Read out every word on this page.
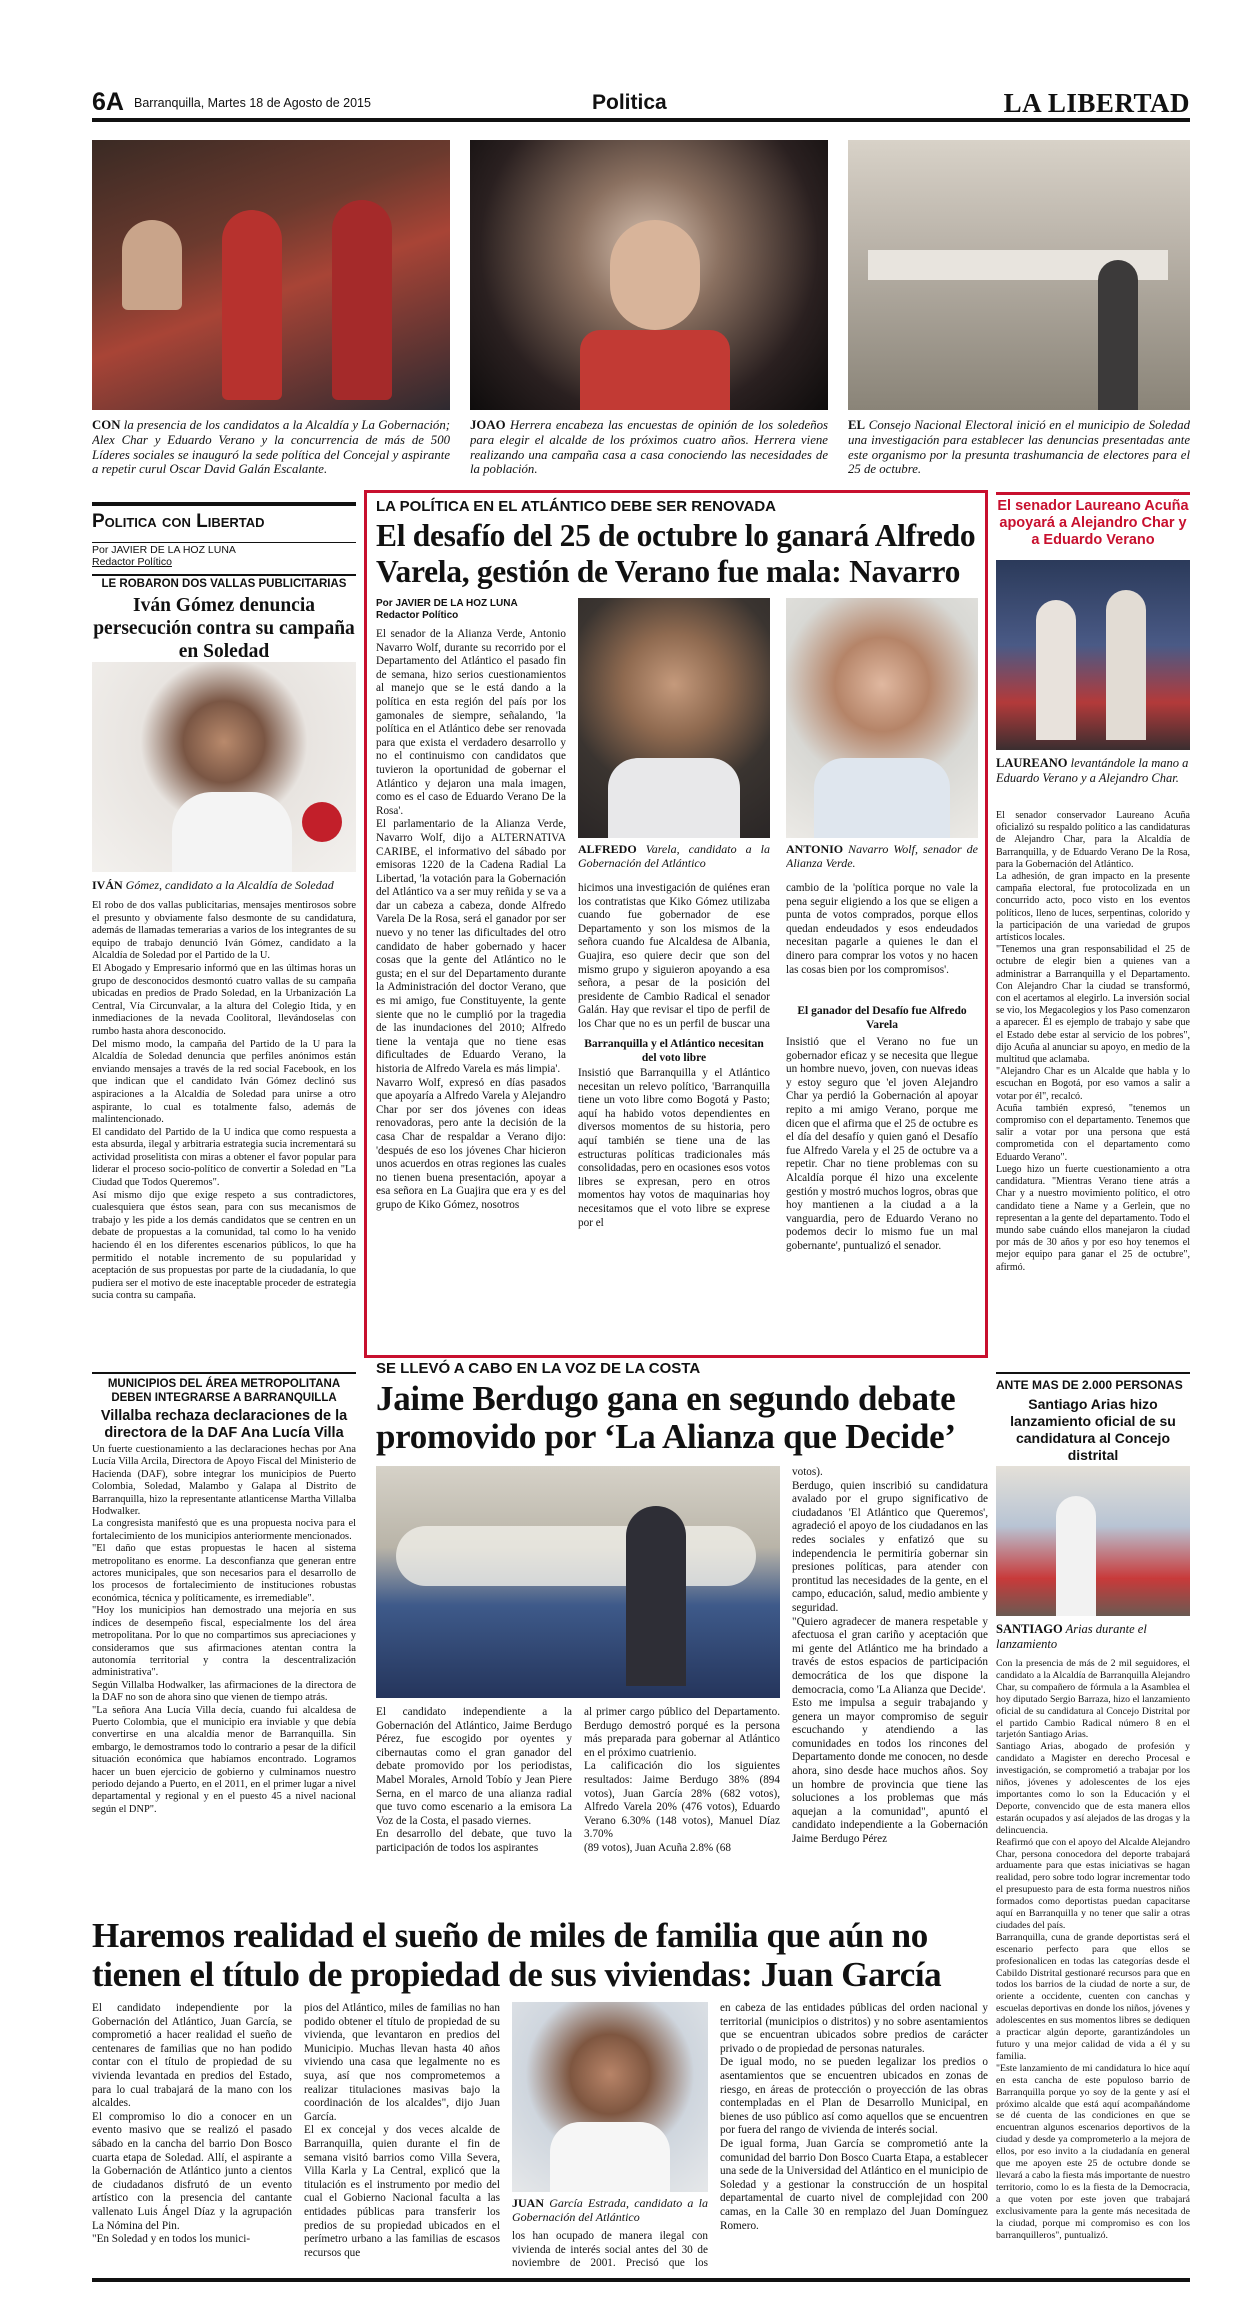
6A Barranquilla, Martes 18 de Agosto de 2015	Politica	LA LIBERTAD
CON la presencia de los candidatos a la Alcaldía y La Gobernación; Alex Char y Eduardo Verano y la concurrencia de más de 500 Líderes sociales se inauguró la sede política del Concejal y aspirante a repetir curul Oscar David Galán Escalante.
JOAO Herrera encabeza las encuestas de opinión de los soledeños para elegir el alcalde de los próximos cuatro años. Herrera viene realizando una campaña casa a casa conociendo las necesidades de la población.
EL Consejo Nacional Electoral inició en el municipio de Soledad una investigación para establecer las denuncias presentadas ante este organismo por la presunta trashumancia de electores para el 25 de octubre.
Politica con Libertad
Por JAVIER DE LA HOZ LUNA
Redactor Político
LE ROBARON DOS VALLAS PUBLICITARIAS
Iván Gómez denuncia persecución contra su campaña en Soledad
IVÁN Gómez, candidato a la Alcaldía de Soledad
El robo de dos vallas publicitarias, mensajes mentirosos sobre el presunto y obviamente falso desmonte de su candidatura, además de llamadas temerarias a varios de los integrantes de su equipo de trabajo denunció Iván Gómez, candidato a la Alcaldía de Soledad por el Partido de la U.
El Abogado y Empresario informó que en las últimas horas un grupo de desconocidos desmontó cuatro vallas de su campaña ubicadas en predios de Prado Soledad, en la Urbanización La Central, Vía Circunvalar, a la altura del Colegio Itida, y en inmediaciones de la nevada Coolitoral, llevándoselas con rumbo hasta ahora desconocido.
Del mismo modo, la campaña del Partido de la U para la Alcaldía de Soledad denuncia que perfiles anónimos están enviando mensajes a través de la red social Facebook, en los que indican que el candidato Iván Gómez declinó sus aspiraciones a la Alcaldía de Soledad para unirse a otro aspirante, lo cual es totalmente falso, además de malintencionado.
El candidato del Partido de la U indica que como respuesta a esta absurda, ilegal y arbitraria estrategia sucia incrementará su actividad proselitista con miras a obtener el favor popular para liderar el proceso socio-político de convertir a Soledad en "La Ciudad que Todos Queremos".
Así mismo dijo que exige respeto a sus contradictores, cualesquiera que éstos sean, para con sus mecanismos de trabajo y les pide a los demás candidatos que se centren en un debate de propuestas a la comunidad, tal como lo ha venido haciendo él en los diferentes escenarios públicos, lo que ha permitido el notable incremento de su popularidad y aceptación de sus propuestas por parte de la ciudadanía, lo que pudiera ser el motivo de este inaceptable proceder de estrategia sucia contra su campaña.
LA POLÍTICA EN EL ATLÁNTICO DEBE SER RENOVADA
El desafío del 25 de octubre lo ganará Alfredo Varela, gestión de Verano fue mala: Navarro
Por JAVIER DE LA HOZ LUNA
Redactor Político
El senador de la Alianza Verde, Antonio Navarro Wolf, durante su recorrido por el Departamento del Atlántico el pasado fin de semana, hizo serios cuestionamientos al manejo que se le está dando a la política en esta región del país por los gamonales de siempre, señalando, 'la política en el Atlántico debe ser renovada para que exista el verdadero desarrollo y no el continuismo con candidatos que tuvieron la oportunidad de gobernar el Atlántico y dejaron una mala imagen, como es el caso de Eduardo Verano De la Rosa'.
El parlamentario de la Alianza Verde, Navarro Wolf, dijo a ALTERNATIVA CARIBE, el informativo del sábado por emisoras 1220 de la Cadena Radial La Libertad, 'la votación para la Gobernación del Atlántico va a ser muy reñida y se va a dar un cabeza a cabeza, donde Alfredo Varela De la Rosa, será el ganador por ser nuevo y no tener las dificultades del otro candidato de haber gobernado y hacer cosas que la gente del Atlántico no le gusta; en el sur del Departamento durante la Administración del doctor Verano, que es mi amigo, fue Constituyente, la gente siente que no le cumplió por la tragedia de las inundaciones del 2010; Alfredo tiene la ventaja que no tiene esas dificultades de Eduardo Verano, la historia de Alfredo Varela es más limpia'.
Navarro Wolf, expresó en días pasados que apoyaría a Alfredo Varela y Alejandro Char por ser dos jóvenes con ideas renovadoras, pero ante la decisión de la casa Char de respaldar a Verano dijo: 'después de eso los jóvenes Char hicieron unos acuerdos en otras regiones las cuales no tienen buena presentación, apoyar a esa señora en La Guajira que era y es del grupo de Kiko Gómez, nosotros
ALFREDO Varela, candidato a la Gobernación del Atlántico
ANTONIO Navarro Wolf, senador de Alianza Verde.
hicimos una investigación de quiénes eran los contratistas que Kiko Gómez utilizaba cuando fue gobernador de ese Departamento y son los mismos de la señora cuando fue Alcaldesa de Albania, Guajira, eso quiere decir que son del mismo grupo y siguieron apoyando a esa señora, a pesar de la posición del presidente de Cambio Radical el senador Galán. Hay que revisar el tipo de perfil de los Char que no es un perfil de buscar una
Barranquilla y el Atlántico necesitan del voto libre
Insistió que Barranquilla y el Atlántico necesitan un relevo político, 'Barranquilla tiene un voto libre como Bogotá y Pasto; aquí ha habido votos dependientes en diversos momentos de su historia, pero aquí también se tiene una de las estructuras políticas tradicionales más consolidadas, pero en ocasiones esos votos libres se expresan, pero en otros momentos hay votos de maquinarias hoy necesitamos que el voto libre se exprese por el
cambio de la 'política porque no vale la pena seguir eligiendo a los que se eligen a punta de votos comprados, porque ellos quedan endeudados y esos endeudados necesitan pagarle a quienes le dan el dinero para comprar los votos y no hacen las cosas bien por los compromisos'.
El ganador del Desafío fue Alfredo Varela
Insistió que el Verano no fue un gobernador eficaz y se necesita que llegue un hombre nuevo, joven, con nuevas ideas y estoy seguro que 'el joven Alejandro Char ya perdió la Gobernación al apoyar repito a mi amigo Verano, porque me dicen que el afirma que el 25 de octubre es el día del desafío y quien ganó el Desafío fue Alfredo Varela y el 25 de octubre va a repetir. Char no tiene problemas con su Alcaldía porque él hizo una excelente gestión y mostró muchos logros, obras que hoy mantienen a la ciudad a a la vanguardia, pero de Eduardo Verano no podemos decir lo mismo fue un mal gobernante', puntualizó el senador.
El senador Laureano Acuña apoyará a Alejandro Char y a Eduardo Verano
LAUREANO levantándole la mano a Eduardo Verano y a Alejandro Char.
El senador conservador Laureano Acuña oficializó su respaldo político a las candidaturas de Alejandro Char, para la Alcaldía de Barranquilla, y de Eduardo Verano De la Rosa, para la Gobernación del Atlántico.
La adhesión, de gran impacto en la presente campaña electoral, fue protocolizada en un concurrido acto, poco visto en los eventos políticos, lleno de luces, serpentinas, colorido y la participación de una variedad de grupos artísticos locales.
"Tenemos una gran responsabilidad el 25 de octubre de elegir bien a quienes van a administrar a Barranquilla y el Departamento. Con Alejandro Char la ciudad se transformó, con el acertamos al elegirlo. La inversión social se vio, los Megacolegios y los Paso comenzaron a aparecer. Él es ejemplo de trabajo y sabe que el Estado debe estar al servicio de los pobres", dijo Acuña al anunciar su apoyo, en medio de la multitud que aclamaba.
"Alejandro Char es un Alcalde que habla y lo escuchan en Bogotá, por eso vamos a salir a votar por él", recalcó.
Acuña también expresó, "tenemos un compromiso con el departamento. Tenemos que salir a votar por una persona que está comprometida con el departamento como Eduardo Verano".
Luego hizo un fuerte cuestionamiento a otra candidatura. "Mientras Verano tiene atrás a Char y a nuestro movimiento político, el otro candidato tiene a Name y a Gerlein, que no representan a la gente del departamento. Todo el mundo sabe cuándo ellos manejaron la ciudad por más de 30 años y por eso hoy tenemos el mejor equipo para ganar el 25 de octubre", afirmó.
MUNICIPIOS DEL ÁREA METROPOLITANA DEBEN INTEGRARSE A BARRANQUILLA
Villalba rechaza declaraciones de la directora de la DAF Ana Lucía Villa
Un fuerte cuestionamiento a las declaraciones hechas por Ana Lucía Villa Arcila, Directora de Apoyo Fiscal del Ministerio de Hacienda (DAF), sobre integrar los municipios de Puerto Colombia, Soledad, Malambo y Galapa al Distrito de Barranquilla, hizo la representante atlanticense Martha Villalba Hodwalker.
La congresista manifestó que es una propuesta nociva para el fortalecimiento de los municipios anteriormente mencionados.
"El daño que estas propuestas le hacen al sistema metropolitano es enorme. La desconfianza que generan entre actores municipales, que son necesarios para el desarrollo de los procesos de fortalecimiento de instituciones robustas económica, técnica y políticamente, es irremediable".
"Hoy los municipios han demostrado una mejoría en sus índices de desempeño fiscal, especialmente los del área metropolitana. Por lo que no compartimos sus apreciaciones y consideramos que sus afirmaciones atentan contra la autonomía territorial y contra la descentralización administrativa".
Según Villalba Hodwalker, las afirmaciones de la directora de la DAF no son de ahora sino que vienen de tiempo atrás.
"La señora Ana Lucía Villa decía, cuando fui alcaldesa de Puerto Colombia, que el municipio era inviable y que debía convertirse en una alcaldía menor de Barranquilla. Sin embargo, le demostramos todo lo contrario a pesar de la difícil situación económica que habíamos encontrado. Logramos hacer un buen ejercicio de gobierno y culminamos nuestro periodo dejando a Puerto, en el 2011, en el primer lugar a nivel departamental y regional y en el puesto 45 a nivel nacional según el DNP".
SE LLEVÓ A CABO EN LA VOZ DE LA COSTA
Jaime Berdugo gana en segundo debate promovido por ‘La Alianza que Decide’
El candidato independiente a la Gobernación del Atlántico, Jaime Berdugo Pérez, fue escogido por oyentes y cibernautas como el gran ganador del debate promovido por los periodistas, Mabel Morales, Arnold Tobío y Jean Piere Serna, en el marco de una alianza radial que tuvo como escenario a la emisora La Voz de la Costa, el pasado viernes.
En desarrollo del debate, que tuvo la participación de todos los aspirantes
al primer cargo público del Departamento. Berdugo demostró porqué es la persona más preparada para gobernar al Atlántico en el próximo cuatrienio.
La calificación dio los siguientes resultados: Jaime Berdugo 38% (894 votos), Juan García 28% (682 votos), Alfredo Varela 20% (476 votos), Eduardo Verano 6.30% (148 votos), Manuel Díaz 3.70%
(89 votos), Juan Acuña 2.8% (68
votos).
Berdugo, quien inscribió su candidatura avalado por el grupo significativo de ciudadanos 'El Atlántico que Queremos', agradeció el apoyo de los ciudadanos en las redes sociales y enfatizó que su independencia le permitiría gobernar sin presiones políticas, para atender con prontitud las necesidades de la gente, en el campo, educación, salud, medio ambiente y seguridad.
"Quiero agradecer de manera respetable y afectuosa el gran cariño y aceptación que mi gente del Atlántico me ha brindado a través de estos espacios de participación democrática de los que dispone la democracia, como 'La Alianza que Decide'.
Esto me impulsa a seguir trabajando y genera un mayor compromiso de seguir escuchando y atendiendo a las comunidades en todos los rincones del Departamento donde me conocen, no desde ahora, sino desde hace muchos años. Soy un hombre de provincia que tiene las soluciones a los problemas que más aquejan a la comunidad", apuntó el candidato independiente a la Gobernación Jaime Berdugo Pérez
ANTE MAS DE 2.000 PERSONAS
Santiago Arias hizo lanzamiento oficial de su candidatura al Concejo distrital
SANTIAGO Arias durante el lanzamiento
Con la presencia de más de 2 mil seguidores, el candidato a la Alcaldía de Barranquilla Alejandro Char, su compañero de fórmula a la Asamblea el hoy diputado Sergio Barraza, hizo el lanzamiento oficial de su candidatura al Concejo Distrital por el partido Cambio Radical número 8 en el tarjetón Santiago Arias.
Santiago Arias, abogado de profesión y candidato a Magister en derecho Procesal e investigación, se comprometió a trabajar por los niños, jóvenes y adolescentes de los ejes importantes como lo son la Educación y el Deporte, convencido que de esta manera ellos estarán ocupados y así alejados de las drogas y la delincuencia.
Reafirmó que con el apoyo del Alcalde Alejandro Char, persona conocedora del deporte trabajará arduamente para que estas iniciativas se hagan realidad, pero sobre todo lograr incrementar todo el presupuesto para de esta forma nuestros niños formados como deportistas puedan capacitarse aquí en Barranquilla y no tener que salir a otras ciudades del país.
Barranquilla, cuna de grande deportistas será el escenario perfecto para que ellos se profesionalicen en todas las categorías desde el Cabildo Distrital gestionaré recursos para que en todos los barrios de la ciudad de norte a sur, de oriente a occidente, cuenten con canchas y escuelas deportivas en donde los niños, jóvenes y adolescentes en sus momentos libres se dediquen a practicar algún deporte, garantizándoles un futuro y una mejor calidad de vida a él y su familia.
"Este lanzamiento de mi candidatura lo hice aquí en esta cancha de este populoso barrio de Barranquilla porque yo soy de la gente y así el próximo alcalde que está aquí acompañándome se dé cuenta de las condiciones en que se encuentran algunos escenarios deportivos de la ciudad y desde ya comprometerlo a la mejora de ellos, por eso invito a la ciudadanía en general que me apoyen este 25 de octubre donde se llevará a cabo la fiesta más importante de nuestro territorio, como lo es la fiesta de la Democracia, a que voten por este joven que trabajará exclusivamente para la gente más necesitada de la ciudad, porque mi compromiso es con los barranquilleros", puntualizó.
Haremos realidad el sueño de miles de familia que aún no tienen el título de propiedad de sus viviendas: Juan García
El candidato independiente por la Gobernación del Atlántico, Juan García, se comprometió a hacer realidad el sueño de centenares de familias que no han podido contar con el título de propiedad de su vivienda levantada en predios del Estado, para lo cual trabajará de la mano con los alcaldes.
El compromiso lo dio a conocer en un evento masivo que se realizó el pasado sábado en la cancha del barrio Don Bosco cuarta etapa de Soledad. Allí, el aspirante a la Gobernación de Atlántico junto a cientos de ciudadanos disfrutó de un evento artístico con la presencia del cantante vallenato Luis Ángel Díaz y la agrupación La Nómina del Pin.
"En Soledad y en todos los munici-
pios del Atlántico, miles de familias no han podido obtener el título de propiedad de su vivienda, que levantaron en predios del Municipio. Muchas llevan hasta 40 años viviendo una casa que legalmente no es suya, así que nos comprometemos a realizar titulaciones masivas bajo la coordinación de los alcaldes", dijo Juan García.
El ex concejal y dos veces alcalde de Barranquilla, quien durante el fin de semana visitó barrios como Villa Severa, Villa Karla y La Central, explicó que la titulación es el instrumento por medio del cual el Gobierno Nacional faculta a las entidades públicas para transferir los predios de su propiedad ubicados en el perímetro urbano a las familias de escasos recursos que
JUAN García Estrada, candidato a la Gobernación del Atlántico
los han ocupado de manera ilegal con vivienda de interés social antes del 30 de noviembre de 2001. Precisó que los
en cabeza de las entidades públicas del orden nacional y territorial (municipios o distritos) y no sobre asentamientos que se encuentran ubicados sobre predios de carácter privado o de propiedad de personas naturales.
De igual modo, no se pueden legalizar los predios o asentamientos que se encuentren ubicados en zonas de riesgo, en áreas de protección o proyección de las obras contempladas en el Plan de Desarrollo Municipal, en bienes de uso público así como aquellos que se encuentren por fuera del rango de vivienda de interés social.
De igual forma, Juan García se comprometió ante la comunidad del barrio Don Bosco Cuarta Etapa, a establecer una sede de la Universidad del Atlántico en el municipio de Soledad y a gestionar la construcción de un hospital departamental de cuarto nivel de complejidad con 200 camas, en la Calle 30 en remplazo del Juan Domínguez Romero.
